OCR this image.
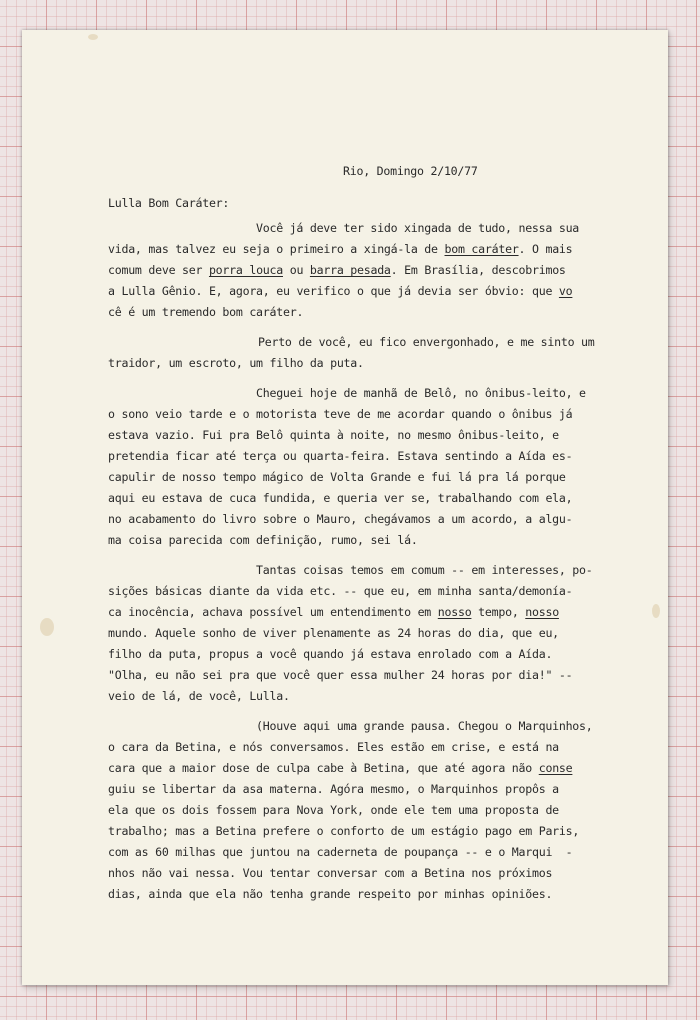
Rio, Domingo 2/10/77

Lulla Bom Caráter:

Você já deve ter sido xingada de tudo, nessa sua

vida, mas talvez eu seja o primeiro a xingá-la de bom caráter. O mais

comum deve ser porra louca ou barra pesada. Em Brasília, descobrimos

a Lulla Gênio. E, agora, eu verifico o que já devia ser óbvio: que vo

cê é um tremendo bom caráter.

Perto de você, eu fico envergonhado, e me sinto um

traidor, um escroto, um filho da puta.

Cheguei hoje de manhã de Belô, no ônibus-leito, e

o sono veio tarde e o motorista teve de me acordar quando o ônibus já

estava vazio. Fui pra Belô quinta à noite, no mesmo ônibus-leito, e

pretendia ficar até terça ou quarta-feira. Estava sentindo a Aída es-

capulir de nosso tempo mágico de Volta Grande e fui lá pra lá porque

aqui eu estava de cuca fundida, e queria ver se, trabalhando com ela,

no acabamento do livro sobre o Mauro, chegávamos a um acordo, a algu-

ma coisa parecida com definição, rumo, sei lá.

Tantas coisas temos em comum -- em interesses, po-

sições básicas diante da vida etc. -- que eu, em minha santa/demonía-

ca inocência, achava possível um entendimento em nosso tempo, nosso

mundo. Aquele sonho de viver plenamente as 24 horas do dia, que eu,

filho da puta, propus a você quando já estava enrolado com a Aída.

"Olha, eu não sei pra que você quer essa mulher 24 horas por dia!" --

veio de lá, de você, Lulla.

(Houve aqui uma grande pausa. Chegou o Marquinhos,

o cara da Betina, e nós conversamos. Eles estão em crise, e está na

cara que a maior dose de culpa cabe à Betina, que até agora não conse

guiu se libertar da asa materna. Agóra mesmo, o Marquinhos propôs a

ela que os dois fossem para Nova York, onde ele tem uma proposta de

trabalho; mas a Betina prefere o conforto de um estágio pago em Paris,

com as 60 milhas que juntou na caderneta de poupança -- e o Marqui  -

nhos não vai nessa. Vou tentar conversar com a Betina nos próximos

dias, ainda que ela não tenha grande respeito por minhas opiniões.
